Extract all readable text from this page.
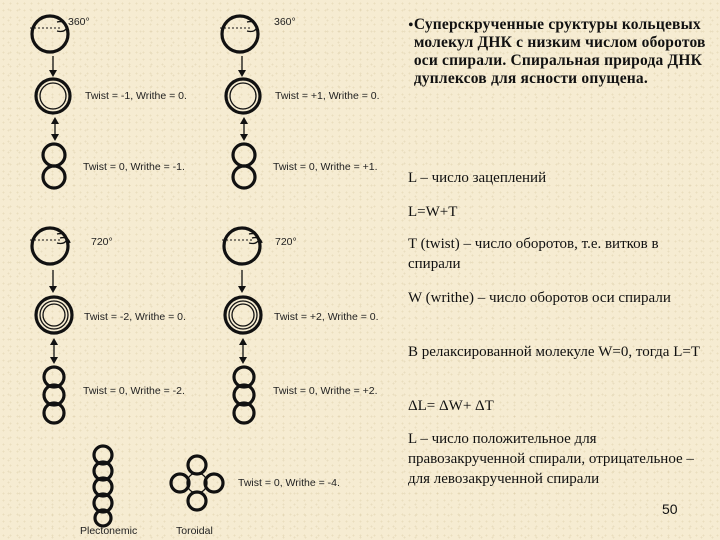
360°
Twist = -1, Writhe = 0.
Twist = 0, Writhe = -1.
360°
Twist = +1, Writhe = 0.
Twist = 0, Writhe = +1.
720°
Twist = -2, Writhe = 0.
Twist = 0, Writhe = -2.
720°
Twist = +2, Writhe = 0.
Twist = 0, Writhe = +2.
Plectonemic	Toroidal
Twist = 0, Writhe = -4.
• Суперскрученные сруктуры кольцевых молекул ДНК с низким числом оборотов оси спирали. Спиральная природа ДНК дуплексов для ясности опущена.
L – число зацеплений
L=W+T
T (twist) – число оборотов, т.е. витков в спирали
W (writhe) – число оборотов оси спирали
В релаксированной молекуле W=0, тогда L=T
ΔL= ΔW+ ΔT
L – число положительное для правозакрученной спирали, отрицательное – для левозакрученной спирали
50
